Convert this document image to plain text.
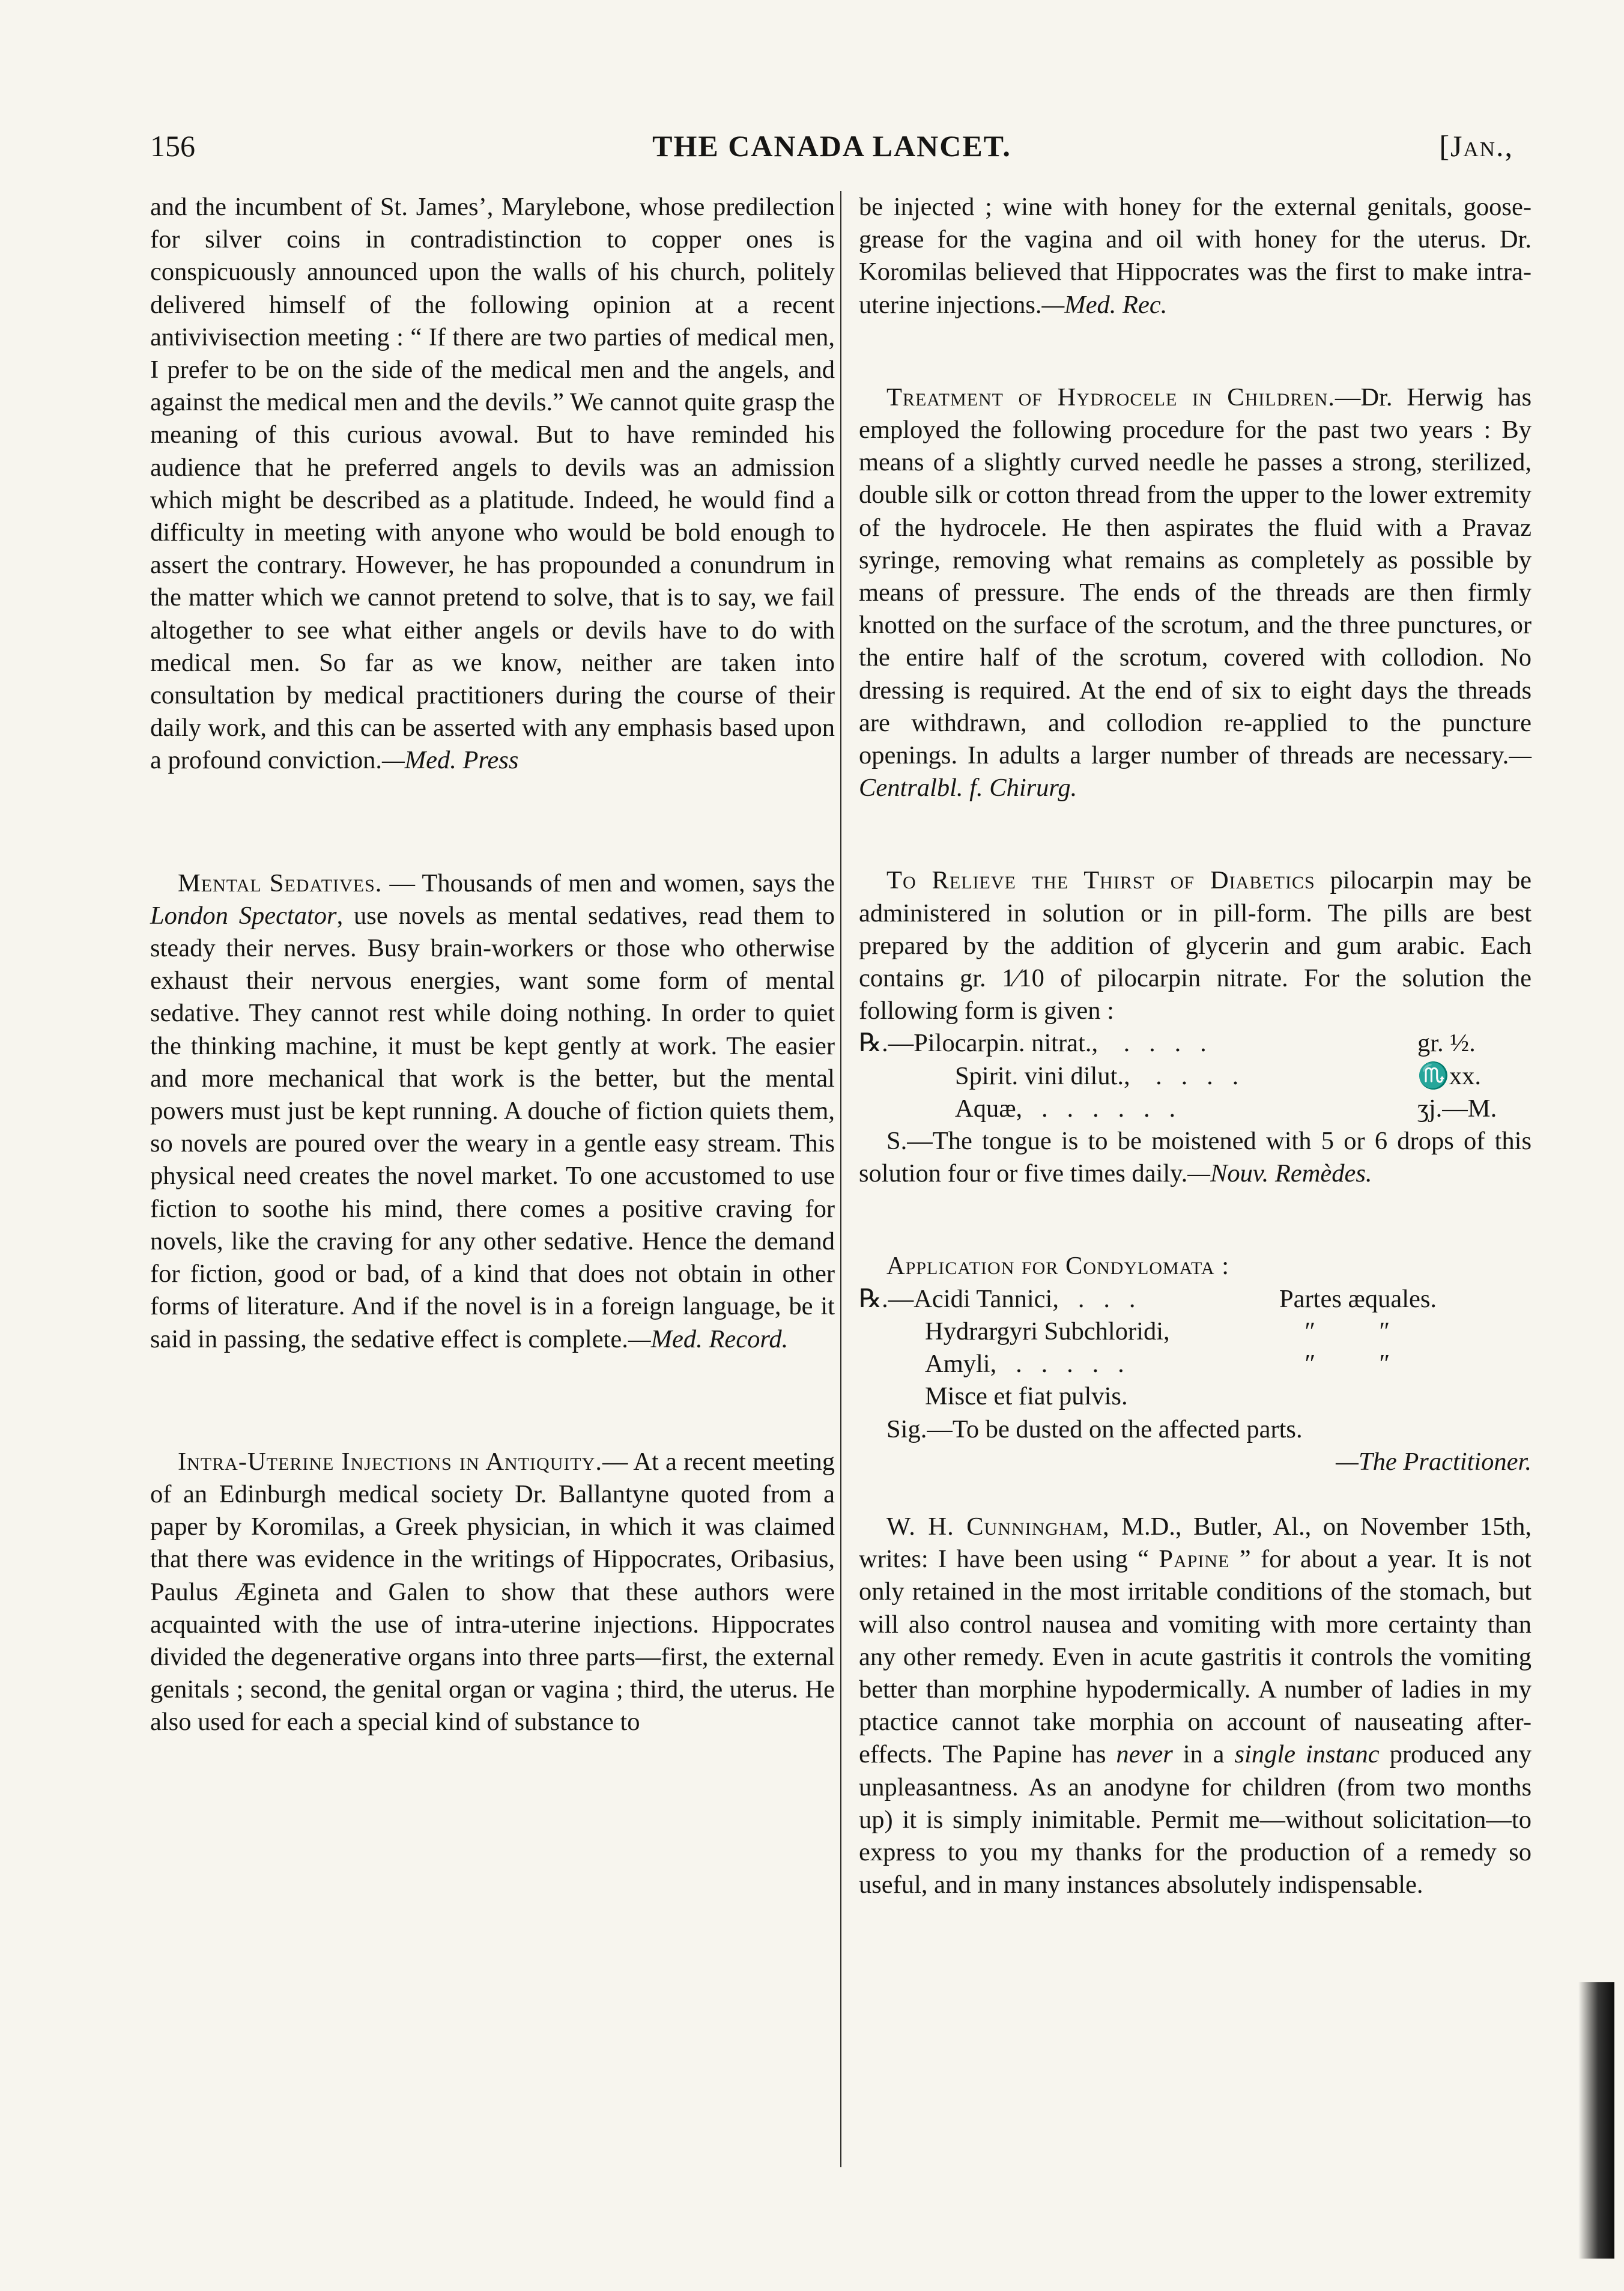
156	THE CANADA LANCET.	[Jan.,

and the incumbent of St. James’, Marylebone, whose predilection for silver coins in contradistinction to copper ones is conspicuously announced upon the walls of his church, politely delivered himself of the following opinion at a recent antivivisection meeting : “ If there are two parties of medical men, I prefer to be on the side of the medical men and the angels, and against the medical men and the devils.” We cannot quite grasp the meaning of this curious avowal. But to have reminded his audience that he preferred angels to devils was an admission which might be described as a platitude. Indeed, he would find a difficulty in meeting with anyone who would be bold enough to assert the contrary. However, he has propounded a conundrum in the matter which we cannot pretend to solve, that is to say, we fail altogether to see what either angels or devils have to do with medical men. So far as we know, neither are taken into consultation by medical practitioners during the course of their daily work, and this can be asserted with any emphasis based upon a profound conviction.—Med. Press

Mental Sedatives. — Thousands of men and women, says the London Spectator, use novels as mental sedatives, read them to steady their nerves. Busy brain-workers or those who otherwise exhaust their nervous energies, want some form of mental sedative. They cannot rest while doing nothing. In order to quiet the thinking machine, it must be kept gently at work. The easier and more mechanical that work is the better, but the mental powers must just be kept running. A douche of fiction quiets them, so novels are poured over the weary in a gentle easy stream. This physical need creates the novel market. To one accustomed to use fiction to soothe his mind, there comes a positive craving for novels, like the craving for any other sedative. Hence the demand for fiction, good or bad, of a kind that does not obtain in other forms of literature. And if the novel is in a foreign language, be it said in passing, the sedative effect is complete.—Med. Record.

Intra-Uterine Injections in Antiquity.— At a recent meeting of an Edinburgh medical society Dr. Ballantyne quoted from a paper by Koromilas, a Greek physician, in which it was claimed that there was evidence in the writings of Hippocrates, Oribasius, Paulus Ægineta and Galen to show that these authors were acquainted with the use of intra-uterine injections. Hippocrates divided the degenerative organs into three parts—first, the external genitals ; second, the genital organ or vagina ; third, the uterus. He also used for each a special kind of substance to

be injected ; wine with honey for the external genitals, goose-grease for the vagina and oil with honey for the uterus. Dr. Koromilas believed that Hippocrates was the first to make intra-uterine injections.—Med. Rec.

Treatment of Hydrocele in Children.—Dr. Herwig has employed the following procedure for the past two years : By means of a slightly curved needle he passes a strong, sterilized, double silk or cotton thread from the upper to the lower extremity of the hydrocele. He then aspirates the fluid with a Pravaz syringe, removing what remains as completely as possible by means of pressure. The ends of the threads are then firmly knotted on the surface of the scrotum, and the three punctures, or the entire half of the scrotum, covered with collodion. No dressing is required. At the end of six to eight days the threads are withdrawn, and collodion re-applied to the puncture openings. In adults a larger number of threads are necessary.—Centralbl. f. Chirurg.

To Relieve the Thirst of Diabetics pilocarpin may be administered in solution or in pill-form. The pills are best prepared by the addition of glycerin and gum arabic. Each contains gr. 1⁄10 of pilocarpin nitrate. For the solution the following form is given :

℞.—Pilocarpin. nitrat.,    .   .   .   .	gr. ½.
Spirit. vini dilut.,    .   .   .   .	♏xx.
Aquæ,   .   .   .   .   .   .	ʒj.—M.

S.—The tongue is to be moistened with 5 or 6 drops of this solution four or five times daily.—Nouv. Remèdes.

Application for Condylomata :

℞.—Acidi Tannici,   .   .   .	Partes æquales.
Hydrargyri Subchloridi,	″          ″
Amyli,   .   .   .   .   .	″          ″
Misce et fiat pulvis.

Sig.—To be dusted on the affected parts.

—The Practitioner.

W. H. Cunningham, M.D., Butler, Al., on November 15th, writes: I have been using “ Papine ” for about a year. It is not only retained in the most irritable conditions of the stomach, but will also control nausea and vomiting with more certainty than any other remedy. Even in acute gastritis it controls the vomiting better than morphine hypodermically. A number of ladies in my ptactice cannot take morphia on account of nauseating after-effects. The Papine has never in a single instanc produced any unpleasantness. As an anodyne for children (from two months up) it is simply inimitable. Permit me—without solicitation—to express to you my thanks for the production of a remedy so useful, and in many instances absolutely indispensable.
